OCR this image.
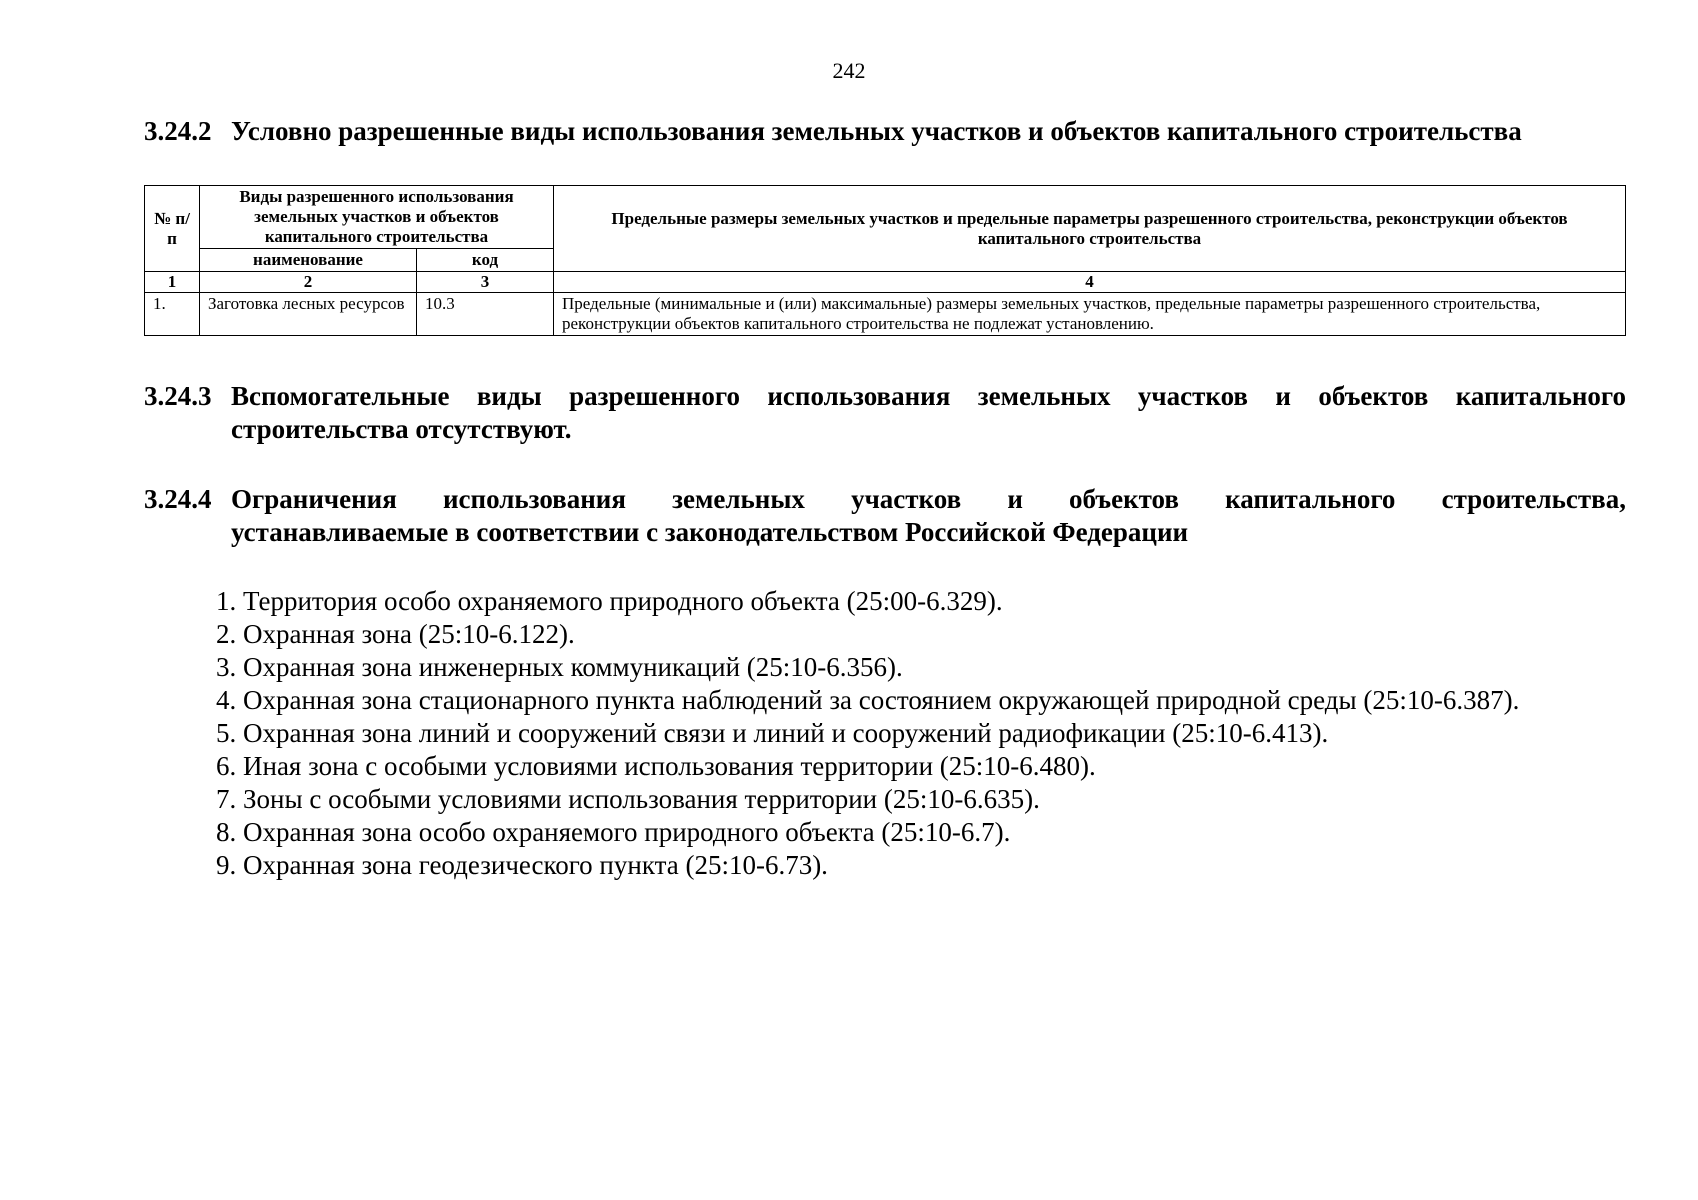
242
3.24.2 Условно разрешенные виды использования земельных участков и объектов капитального строительства
№ п/п	Виды разрешенного использования земельных участков и объектов капитального строительства		Предельные размеры земельных участков и предельные параметры разрешенного строительства, реконструкции объектов капитального строительства
	наименование	код	
1	2	3	4
1.	Заготовка лесных ресурсов	10.3	Предельные (минимальные и (или) максимальные) размеры земельных участков, предельные параметры разрешенного строительства, реконструкции объектов капитального строительства не подлежат установлению.
3.24.3 Вспомогательные виды разрешенного использования земельных участков и объектов капитального
строительства отсутствуют.
3.24.4 Ограничения использования земельных участков и объектов капитального строительства,
устанавливаемые в соответствии с законодательством Российской Федерации
1. Территория особо охраняемого природного объекта (25:00-6.329).
2. Охранная зона (25:10-6.122).
3. Охранная зона инженерных коммуникаций (25:10-6.356).
4. Охранная зона стационарного пункта наблюдений за состоянием окружающей природной среды (25:10-6.387).
5. Охранная зона линий и сооружений связи и линий и сооружений радиофикации (25:10-6.413).
6. Иная зона с особыми условиями использования территории (25:10-6.480).
7. Зоны с особыми условиями использования территории (25:10-6.635).
8. Охранная зона особо охраняемого природного объекта (25:10-6.7).
9. Охранная зона геодезического пункта (25:10-6.73).
